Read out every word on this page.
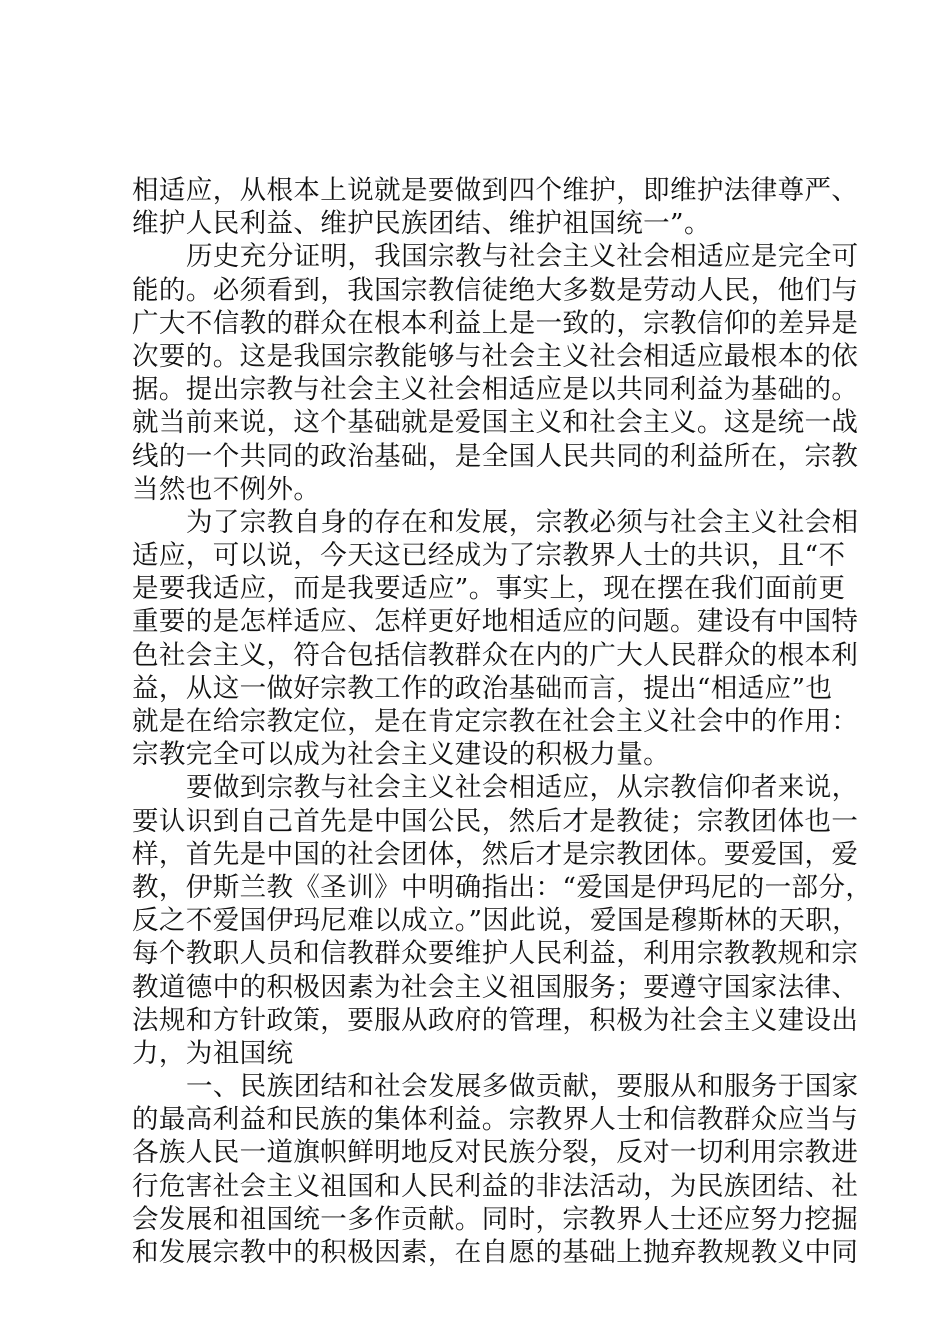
相适应，从根本上说就是要做到四个维护，即维护法律尊严、
维护人民利益、维护民族团结、维护祖国统一”。
历史充分证明，我国宗教与社会主义社会相适应是完全可
能的。必须看到，我国宗教信徒绝大多数是劳动人民，他们与
广大不信教的群众在根本利益上是一致的，宗教信仰的差异是
次要的。这是我国宗教能够与社会主义社会相适应最根本的依
据。提出宗教与社会主义社会相适应是以共同利益为基础的。
就当前来说，这个基础就是爱国主义和社会主义。这是统一战
线的一个共同的政治基础，是全国人民共同的利益所在，宗教
当然也不例外。
为了宗教自身的存在和发展，宗教必须与社会主义社会相
适应，可以说，今天这已经成为了宗教界人士的共识，且“不
是要我适应，而是我要适应”。事实上，现在摆在我们面前更
重要的是怎样适应、怎样更好地相适应的问题。建设有中国特
色社会主义，符合包括信教群众在内的广大人民群众的根本利
益，从这一做好宗教工作的政治基础而言，提出“相适应”也
就是在给宗教定位，是在肯定宗教在社会主义社会中的作用：
宗教完全可以成为社会主义建设的积极力量。
要做到宗教与社会主义社会相适应，从宗教信仰者来说，
要认识到自己首先是中国公民，然后才是教徒；宗教团体也一
样，首先是中国的社会团体，然后才是宗教团体。要爱国，爱
教，伊斯兰教《圣训》中明确指出：“爱国是伊玛尼的一部分，
反之不爱国伊玛尼难以成立。”因此说，爱国是穆斯林的天职，
每个教职人员和信教群众要维护人民利益，利用宗教教规和宗
教道德中的积极因素为社会主义祖国服务；要遵守国家法律、
法规和方针政策，要服从政府的管理，积极为社会主义建设出
力，为祖国统
一、民族团结和社会发展多做贡献，要服从和服务于国家
的最高利益和民族的集体利益。宗教界人士和信教群众应当与
各族人民一道旗帜鲜明地反对民族分裂，反对一切利用宗教进
行危害社会主义祖国和人民利益的非法活动，为民族团结、社
会发展和祖国统一多作贡献。同时，宗教界人士还应努力挖掘
和发展宗教中的积极因素，在自愿的基础上抛弃教规教义中同
